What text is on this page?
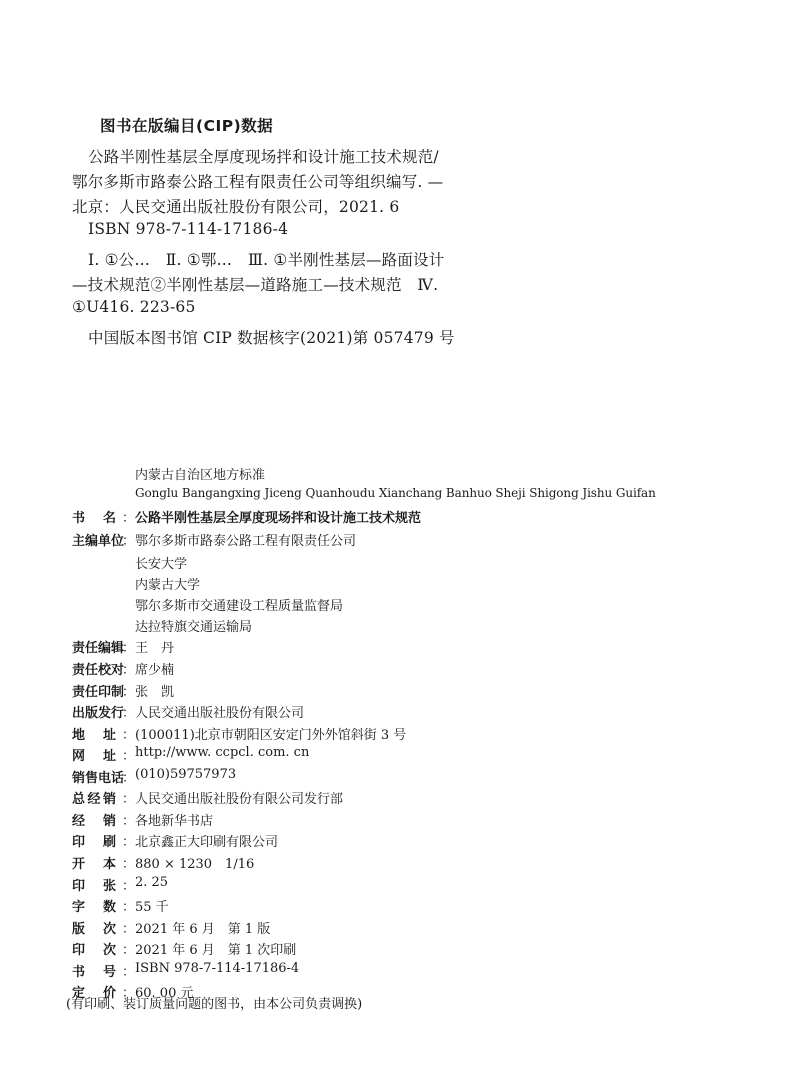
图书在版编目(CIP)数据
公路半刚性基层全厚度现场拌和设计施工技术规范/
鄂尔多斯市路泰公路工程有限责任公司等组织编写. —
北京：人民交通出版社股份有限公司，2021. 6
ISBN 978-7-114-17186-4
Ⅰ. ①公…　Ⅱ. ①鄂…　Ⅲ. ①半刚性基层—路面设计
—技术规范②半刚性基层—道路施工—技术规范　Ⅳ.
①U416. 223-65
中国版本图书馆 CIP 数据核字(2021)第 057479 号
内蒙古自治区地方标准
Gonglu Bangangxing Jiceng Quanhoudu Xianchang Banhuo Sheji Shigong Jishu Guifan
书 名 ： 公路半刚性基层全厚度现场拌和设计施工技术规范
主 编 单 位
： 鄂尔多斯市路泰公路工程有限责任公司
责 任 编 辑
： 王　丹
责 任 校 对
： 席少楠
责 任 印 制
： 张　凯
出 版 发 行
： 人民交通出版社股份有限公司
地 址 ： (100011)北京市朝阳区安定门外外馆斜街 3 号
网 址 ： http://www. ccpcl. com. cn
销 售 电 话
： (010)59757973
总 经 销 ： 人民交通出版社股份有限公司发行部
经 销 ： 各地新华书店
印 刷 ： 北京鑫正大印刷有限公司
开 本 ： 880 × 1230　1/16
印 张 ： 2. 25
字 数 ： 55 千
版 次 ： 2021 年 6 月　第 1 版
印 次 ： 2021 年 6 月　第 1 次印刷
书 号 ： ISBN 978-7-114-17186-4
定 价 ： 60. 00 元
长安大学
内蒙古大学
鄂尔多斯市交通建设工程质量监督局
达拉特旗交通运输局
(有印刷、装订质量问题的图书，由本公司负责调换)
